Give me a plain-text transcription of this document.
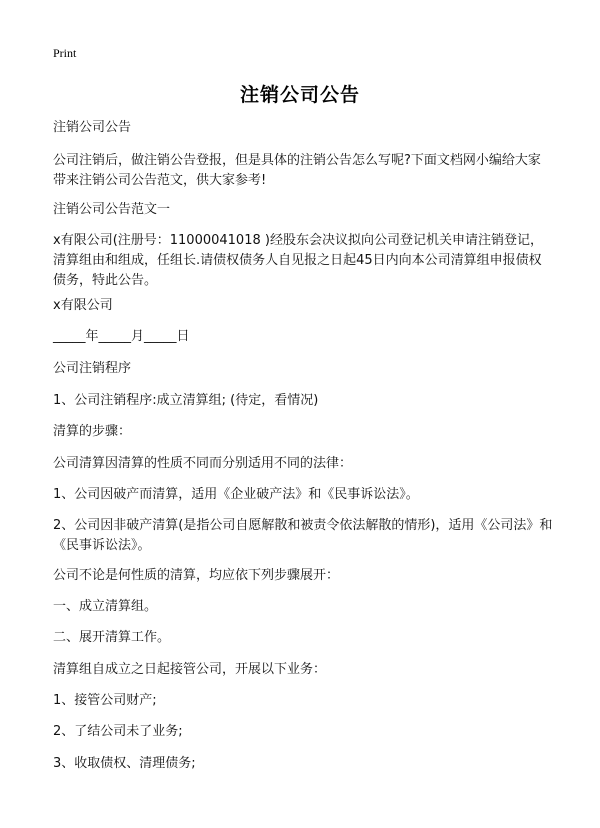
Print
注销公司公告
注销公司公告
公司注销后，做注销公告登报，但是具体的注销公告怎么写呢?下面文档网小编给大家带来注销公司公告范文，供大家参考!
注销公司公告范文一
x有限公司(注册号：11000041018 )经股东会决议拟向公司登记机关申请注销登记，清算组由和组成，任组长.请债权债务人自见报之日起45日内向本公司清算组申报债权债务，特此公告。
x有限公司
_____年_____月_____日
公司注销程序
1、公司注销程序:成立清算组; (待定，看情况)
清算的步骤：
公司清算因清算的性质不同而分别适用不同的法律：
1、公司因破产而清算，适用《企业破产法》和《民事诉讼法》。
2、公司因非破产清算(是指公司自愿解散和被责令依法解散的情形)，适用《公司法》和《民事诉讼法》。
公司不论是何性质的清算，均应依下列步骤展开：
一、成立清算组。
二、展开清算工作。
清算组自成立之日起接管公司，开展以下业务：
1、接管公司财产;
2、了结公司未了业务;
3、收取债权、清理债务;
